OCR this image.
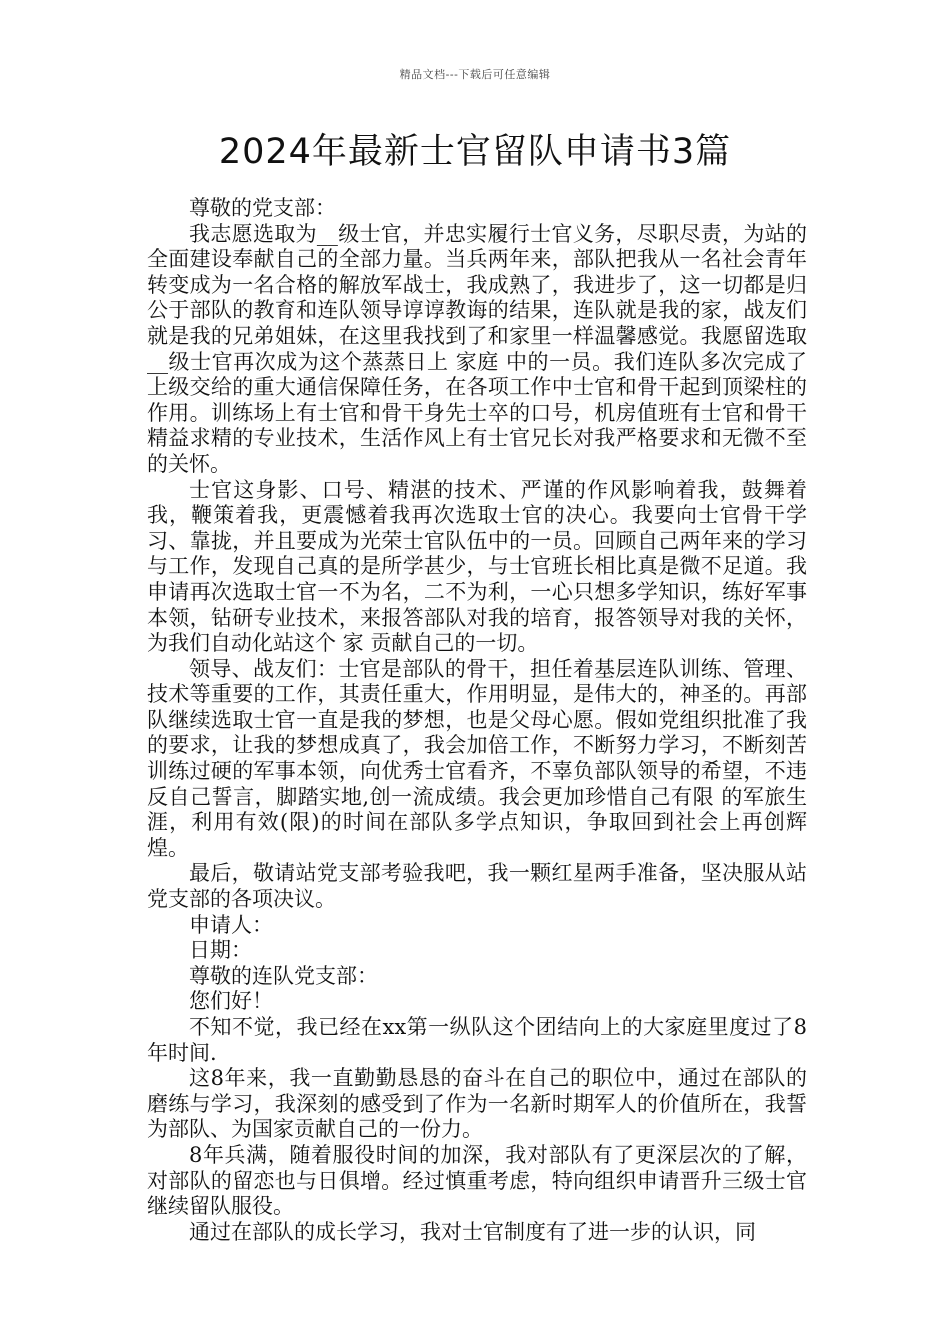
精品文档---下载后可任意编辑
2024年最新士官留队申请书3篇

尊敬的党支部：

我志愿选取为__级士官，并忠实履行士官义务，尽职尽责，为站的全面建设奉献自己的全部力量。当兵两年来，部队把我从一名社会青年转变成为一名合格的解放军战士，我成熟了，我进步了，这一切都是归公于部队的教育和连队领导谆谆教诲的结果，连队就是我的家，战友们就是我的兄弟姐妹，在这里我找到了和家里一样温馨感觉。我愿留选取__级士官再次成为这个蒸蒸日上 家庭 中的一员。我们连队多次完成了上级交给的重大通信保障任务，在各项工作中士官和骨干起到顶梁柱的作用。训练场上有士官和骨干身先士卒的口号，机房值班有士官和骨干精益求精的专业技术，生活作风上有士官兄长对我严格要求和无微不至的关怀。

士官这身影、口号、精湛的技术、严谨的作风影响着我，鼓舞着我，鞭策着我，更震憾着我再次选取士官的决心。我要向士官骨干学习、靠拢，并且要成为光荣士官队伍中的一员。回顾自己两年来的学习与工作，发现自己真的是所学甚少，与士官班长相比真是微不足道。我申请再次选取士官一不为名，二不为利，一心只想多学知识，练好军事本领，钻研专业技术，来报答部队对我的培育，报答领导对我的关怀，为我们自动化站这个 家 贡献自己的一切。

领导、战友们：士官是部队的骨干，担任着基层连队训练、管理、技术等重要的工作，其责任重大，作用明显，是伟大的，神圣的。再部队继续选取士官一直是我的梦想，也是父母心愿。假如党组织批准了我的要求，让我的梦想成真了，我会加倍工作，不断努力学习，不断刻苦训练过硬的军事本领，向优秀士官看齐，不辜负部队领导的希望，不违反自己誓言，脚踏实地,创一流成绩。我会更加珍惜自己有限 的军旅生涯，利用有效(限)的时间在部队多学点知识，争取回到社会上再创辉煌。

最后，敬请站党支部考验我吧，我一颗红星两手准备，坚决服从站党支部的各项决议。

申请人：

日期：

尊敬的连队党支部：

您们好！

不知不觉，我已经在xx第一纵队这个团结向上的大家庭里度过了8年时间.

这8年来，我一直勤勤恳恳的奋斗在自己的职位中，通过在部队的磨练与学习，我深刻的感受到了作为一名新时期军人的价值所在，我誓为部队、为国家贡献自己的一份力。

8年兵满，随着服役时间的加深，我对部队有了更深层次的了解，对部队的留恋也与日俱增。经过慎重考虑，特向组织申请晋升三级士官继续留队服役。

通过在部队的成长学习，我对士官制度有了进一步的认识，同
